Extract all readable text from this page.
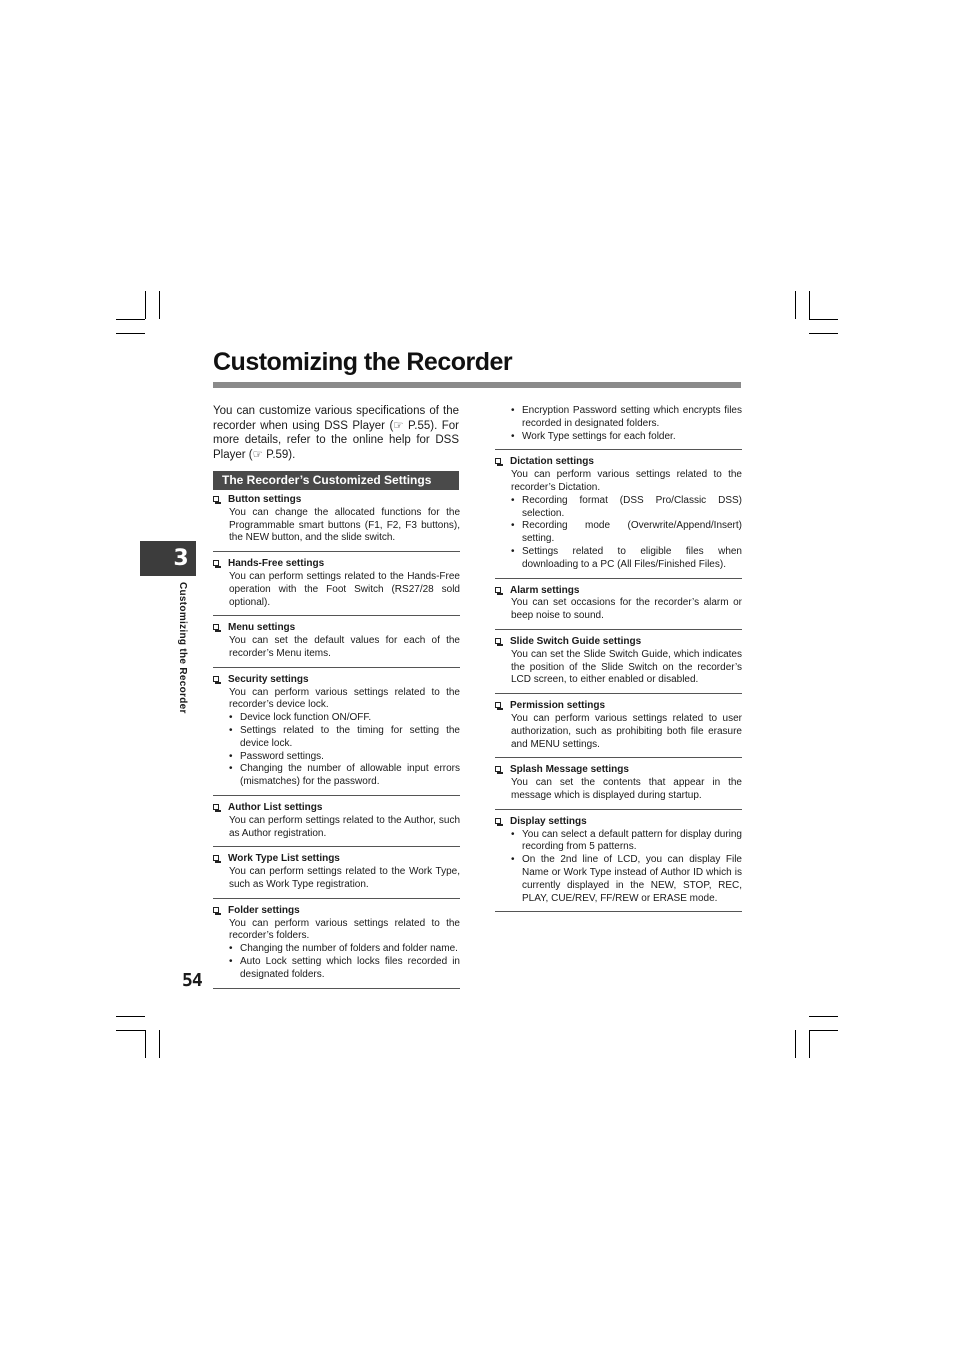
Customizing the Recorder

You can customize various specifications of the recorder when using DSS Player (☞ P.55). For more details, refer to the online help for DSS Player (☞ P.59).

The Recorder’s Customized Settings
3
Customizing the Recorder
54
Button settings
You can change the allocated functions for the Programmable smart buttons (F1, F2, F3 buttons), the NEW button, and the slide switch.
Hands-Free settings
You can perform settings related to the Hands-Free operation with the Foot Switch (RS27/28 sold optional).
Menu settings
You can set the default values for each of the recorder’s Menu items.
Security settings
You can perform various settings related to the recorder’s device lock.
• Device lock function ON/OFF.
• Settings related to the timing for setting the device lock.
• Password settings.
• Changing the number of allowable input errors (mismatches) for the password.
Author List settings
You can perform settings related to the Author, such as Author registration.
Work Type List settings
You can perform settings related to the Work Type, such as Work Type registration.
Folder settings
You can perform various settings related to the recorder’s folders.
• Changing the number of folders and folder name.
• Auto Lock setting which locks files recorded in designated folders.
• Encryption Password setting which encrypts files recorded in designated folders.
• Work Type settings for each folder.
Dictation settings
You can perform various settings related to the recorder’s Dictation.
• Recording format (DSS Pro/Classic DSS) selection.
• Recording mode (Overwrite/Append/Insert) setting.
• Settings related to eligible files when downloading to a PC (All Files/Finished Files).
Alarm settings
You can set occasions for the recorder’s alarm or beep noise to sound.
Slide Switch Guide settings
You can set the Slide Switch Guide, which indicates the position of the Slide Switch on the recorder’s LCD screen, to either enabled or disabled.
Permission settings
You can perform various settings related to user authorization, such as prohibiting both file erasure and MENU settings.
Splash Message settings
You can set the contents that appear in the message which is displayed during startup.
Display settings
• You can select a default pattern for display during recording from 5 patterns.
• On the 2nd line of LCD, you can display File Name or Work Type instead of Author ID which is currently displayed in the NEW, STOP, REC, PLAY, CUE/REV, FF/REW or ERASE mode.
